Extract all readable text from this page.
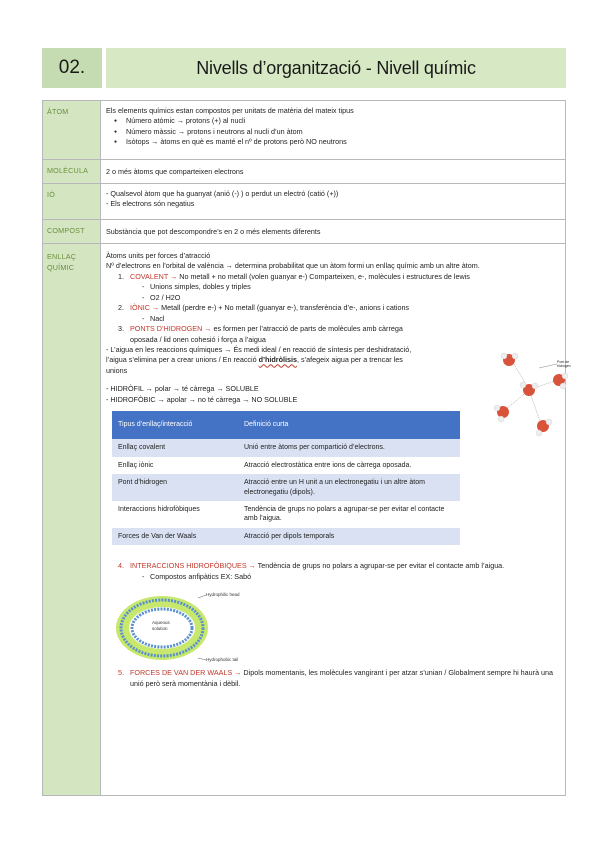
02.	Nivells d’organització - Nivell químic
ÀTOM	Els elements químics estan compostos per unitats de matèria del mateix tipus

● Número atòmic → protons (+) al nucli

● Número màssic → protons i neutrons al nucli d’un àtom

● Isòtops → àtoms en què es manté el nº de protons però NO neutrons

MOLÈCULA	2 o més àtoms que comparteixen electrons

IÓ	- Qualsevol àtom que ha guanyat (anió (-) ) o perdut un electró (catió (+))

- Els electrons són negatius

COMPOST	Substància que pot descompondre’s en 2 o més elements diferents

ENLLAÇ
QUÍMIC

Àtoms units per forces d’atracció

Nº d’electrons en l’orbital de valència → determina probabilitat que un àtom formi un enllaç químic amb un altre àtom.

1. COVALENT → No metall + no metall (volen guanyar e-) Comparteixen, e-, molècules i estructures de lewis

- Unions simples, dobles y triples

- O2 / H2O

2. IÒNIC → Metall (perdre e-) + No metall (guanyar e-), transferència d’e-, anions i cations

- Nacl

3. PONTS D’HIDROGEN → es formen per l’atracció de parts de molècules amb càrrega oposada / lid onen cohesió i força a l’aigua

- L’aigua en les reaccions químiques → És medi ideal / en reacció de síntesis per deshidratació, l’aigua s’elimina per a crear unions / En reacció d’hidròlisis, s’afegeix aigua per a trencar les unions

- HIDRÒFIL → polar → té càrrega → SOLUBLE

- HIDROFÒBIC → apolar → no té càrrega → NO SOLUBLE

Tipus d’enllaç/interacció	Definició curta
Enllaç covalent	Unió entre àtoms per compartició d’electrons.
Enllaç iònic	Atracció electrostàtica entre ions de càrrega oposada.
Pont d’hidrogen	Atracció entre un H unit a un electronegatiu i un altre àtom electronegatiu (dipols).
Interaccions hidrofòbiques	Tendència de grups no polars a agrupar-se per evitar el contacte amb l’aigua.
Forces de Van der Waals	Atracció per dipols temporals

4. INTERACCIONS HIDROFÒBIQUES → Tendència de grups no polars a agrupar-se per evitar el contacte amb l’aigua.

- Compostos anfipàtics EX: Sabó

Hydrophilic head
Aqueous
solution
Hydrophobic tail

5. FORCES DE VAN DER WAALS → Dipols momentanis, les molècules vangirant i per atzar s’unian / Globalment sempre hi haurà una unió però serà momentània i dèbil.

Pont de hidrogen
